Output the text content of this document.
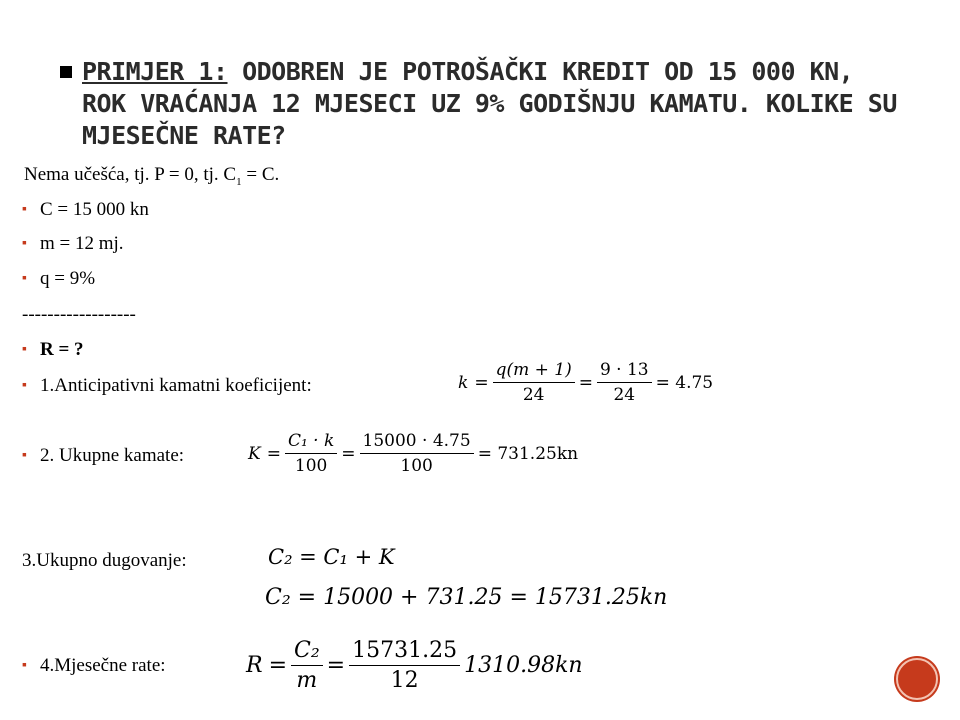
PRIMJER 1: ODOBREN JE POTROŠAČKI KREDIT OD 15 000 KN, ROK VRAĆANJA 12 MJESECI UZ 9% GODIŠNJU KAMATU. KOLIKE SU MJESEČNE RATE?
Nema učešća, tj. P = 0, tj. $C_1 = C$.
▪ C = 15 000 kn
▪ m = 12 mj.
▪ q = 9%
------------------
▪ R = ?
▪ 1.Anticipativni kamatni koeficijent:	$k = \frac{q(m + 1)}{24} = \frac{9 \cdot 13}{24} = 4.75$
▪ 2. Ukupne kamate:	$K = \frac{\text{C₁ · k}}{100} = \frac{15000 \cdot 4.75}{100} = 731.25kn$
3.Ukupno dugovanje:	C₂ = C₁ + K
C₂ = 15000 + 731.25 = 15731.25kn
▪ 4.Mjesečne rate:	$R = \frac{\text{C₂}}{m} = \frac{15731.25}{12} 1310.98kn$
